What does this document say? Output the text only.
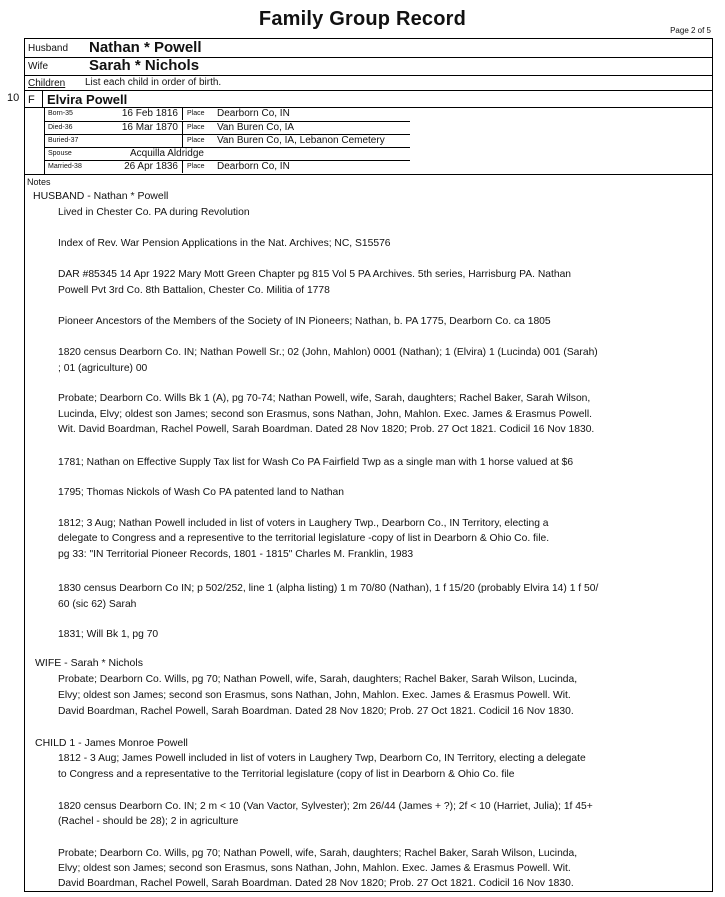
Family Group Record
Page 2 of 5
Husband Nathan * Powell
Wife	Sarah * Nichols
Children List each child in order of birth.
10 F Elvira Powell
Born-35	16 Feb 1816 Place Dearborn Co, IN
Died-36	16 Mar 1870 Place Van Buren Co, IA
Buried-37	Place Van Buren Co, IA, Lebanon Cemetery
Spouse	Acquilla Aldridge
Married-38	26 Apr 1836 Place Dearborn Co, IN
Notes
HUSBAND - Nathan * Powell
Lived in Chester Co. PA during Revolution
Index of Rev. War Pension Applications in the Nat. Archives; NC, S15576
DAR #85345 14 Apr 1922 Mary Mott Green Chapter pg 815 Vol 5 PA Archives. 5th series, Harrisburg PA. Nathan
Powell Pvt 3rd Co. 8th Battalion, Chester Co. Militia of 1778
Pioneer Ancestors of the Members of the Society of IN Pioneers; Nathan, b. PA 1775, Dearborn Co. ca 1805
1820 census Dearborn Co. IN; Nathan Powell Sr.; 02 (John, Mahlon) 0001 (Nathan); 1 (Elvira) 1 (Lucinda) 001 (Sarah)
; 01 (agriculture) 00
Probate; Dearborn Co. Wills Bk 1 (A), pg 70-74; Nathan Powell, wife, Sarah, daughters; Rachel Baker, Sarah Wilson,
Lucinda, Elvy; oldest son James; second son Erasmus, sons Nathan, John, Mahlon. Exec. James & Erasmus Powell.
Wit. David Boardman, Rachel Powell, Sarah Boardman. Dated 28 Nov 1820; Prob. 27 Oct 1821. Codicil 16 Nov 1830.
1781; Nathan on Effective Supply Tax list for Wash Co PA Fairfield Twp as a single man with 1 horse valued at $6
1795; Thomas Nickols of Wash Co PA patented land to Nathan
1812; 3 Aug; Nathan Powell included in list of voters in Laughery Twp., Dearborn Co., IN Territory, electing a
delegate to Congress and a representive to the territorial legislature -copy of list in Dearborn & Ohio Co. file.
pg 33: "IN Territorial Pioneer Records, 1801 - 1815" Charles M. Franklin, 1983
1830 census Dearborn Co IN; p 502/252, line 1 (alpha listing) 1 m 70/80 (Nathan), 1 f 15/20 (probably Elvira 14) 1 f 50/
60 (sic 62) Sarah
1831; Will Bk 1, pg 70
WIFE - Sarah * Nichols
Probate; Dearborn Co. Wills, pg 70; Nathan Powell, wife, Sarah, daughters; Rachel Baker, Sarah Wilson, Lucinda,
Elvy; oldest son James; second son Erasmus, sons Nathan, John, Mahlon. Exec. James & Erasmus Powell. Wit.
David Boardman, Rachel Powell, Sarah Boardman. Dated 28 Nov 1820; Prob. 27 Oct 1821. Codicil 16 Nov 1830.
CHILD 1 - James Monroe Powell
1812 - 3 Aug; James Powell included in list of voters in Laughery Twp, Dearborn Co, IN Territory, electing a delegate
to Congress and a representative to the Territorial legislature (copy of list in Dearborn & Ohio Co. file
1820 census Dearborn Co. IN; 2 m < 10 (Van Vactor, Sylvester); 2m 26/44 (James + ?); 2f < 10 (Harriet, Julia); 1f 45+
(Rachel - should be 28); 2 in agriculture
Probate; Dearborn Co. Wills, pg 70; Nathan Powell, wife, Sarah, daughters; Rachel Baker, Sarah Wilson, Lucinda,
Elvy; oldest son James; second son Erasmus, sons Nathan, John, Mahlon. Exec. James & Erasmus Powell. Wit.
David Boardman, Rachel Powell, Sarah Boardman. Dated 28 Nov 1820; Prob. 27 Oct 1821. Codicil 16 Nov 1830.
